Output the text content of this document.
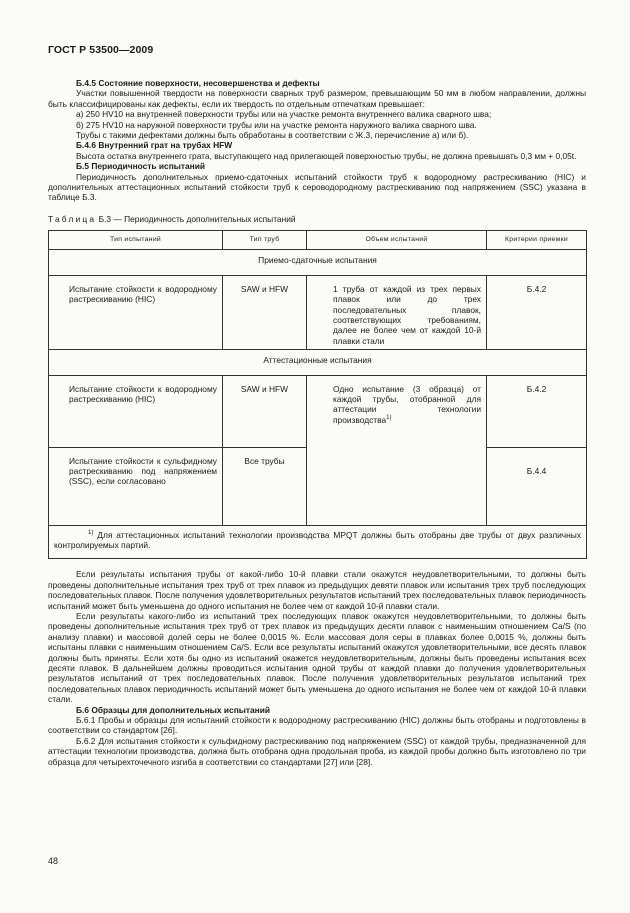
ГОСТ Р 53500—2009
Б.4.5 Состояние поверхности, несовершенства и дефекты
Участки повышенной твердости на поверхности сварных труб размером, превышающим 50 мм в любом направлении, должны быть классифицированы как дефекты, если их твердость по отдельным отпечаткам превышает:
а) 250 HV10 на внутренней поверхности трубы или на участке ремонта внутреннего валика сварного шва;
б) 275 HV10 на наружной поверхности трубы или на участке ремонта наружного валика сварного шва.
Трубы с такими дефектами должны быть обработаны в соответствии с Ж.3, перечисление а) или б).
Б.4.6 Внутренний грат на трубах HFW
Высота остатка внутреннего грата, выступающего над прилегающей поверхностью трубы, не должна превышать 0,3 мм + 0,05t.
Б.5 Периодичность испытаний
Периодичность дополнительных приемо-сдаточных испытаний стойкости труб к водородному растрескиванию (HIC) и дополнительных аттестационных испытаний стойкости труб к сероводородному растрескиванию под напряжением (SSC) указана в таблице Б.3.
Таблица Б.3 — Периодичность дополнительных испытаний
Тип испытаний	Тип труб	Объем испытаний	Критерии приемки
Приемо-сдаточные испытания			
Испытание стойкости к водородному растрескиванию (HIC)	SAW и HFW	1 труба от каждой из трех первых плавок или до трех последовательных плавок, соответствующих требованиям, далее не более чем от каждой 10-й плавки стали	Б.4.2
Аттестационные испытания			
Испытание стойкости к водородному растрескиванию (HIC)	SAW и HFW	Одно испытание (3 образца) от каждой трубы, отобранной для аттестации технологии производства$^{1)}$	Б.4.2
Испытание стойкости к сульфидному растрескиванию под напряжением (SSC), если согласовано	Все трубы		Б.4.4

$^{1)}$ Для аттестационных испытаний технологии производства MPQT должны быть отобраны две трубы от двух различных контролируемых партий.			
Если результаты испытания трубы от какой-либо 10-й плавки стали окажутся неудовлетворительными, то должны быть проведены дополнительные испытания трех труб от трех плавок из предыдущих девяти плавок или испытания трех труб последующих последовательных плавок. После получения удовлетворительных результатов испытаний трех последовательных плавок периодичность испытаний может быть уменьшена до одного испытания не более чем от каждой 10-й плавки стали.
Если результаты какого-либо из испытаний трех последующих плавок окажутся неудовлетворительными, то должны быть проведены дополнительные испытания трех труб от трех плавок из предыдущих десяти плавок с наименьшим отношением Ca/S (по анализу плавки) и массовой долей серы не более 0,0015 %. Если массовая доля серы в плавках более 0,0015 %, должны быть испытаны плавки с наименьшим отношением Ca/S. Если все результаты испытаний окажутся удовлетворительными, все десять плавок должны быть приняты. Если хотя бы одно из испытаний окажется неудовлетворительным, должны быть проведены испытания всех десяти плавок. В дальнейшем должны проводиться испытания одной трубы от каждой плавки до получения удовлетворительных результатов испытаний от трех последовательных плавок. После получения удовлетворительных результатов испытаний трех последовательных плавок периодичность испытаний может быть уменьшена до одного испытания не более чем от каждой 10-й плавки стали.
Б.6 Образцы для дополнительных испытаний
Б.6.1 Пробы и образцы для испытаний стойкости к водородному растрескиванию (HIC) должны быть отобраны и подготовлены в соответствии со стандартом [26].
Б.6.2 Для испытания стойкости к сульфидному растрескиванию под напряжением (SSC) от каждой трубы, предназначенной для аттестации технологии производства, должна быть отобрана одна продольная проба, из каждой пробы должно быть изготовлено по три образца для четырехточечного изгиба в соответствии со стандартами [27] или [28].
48
